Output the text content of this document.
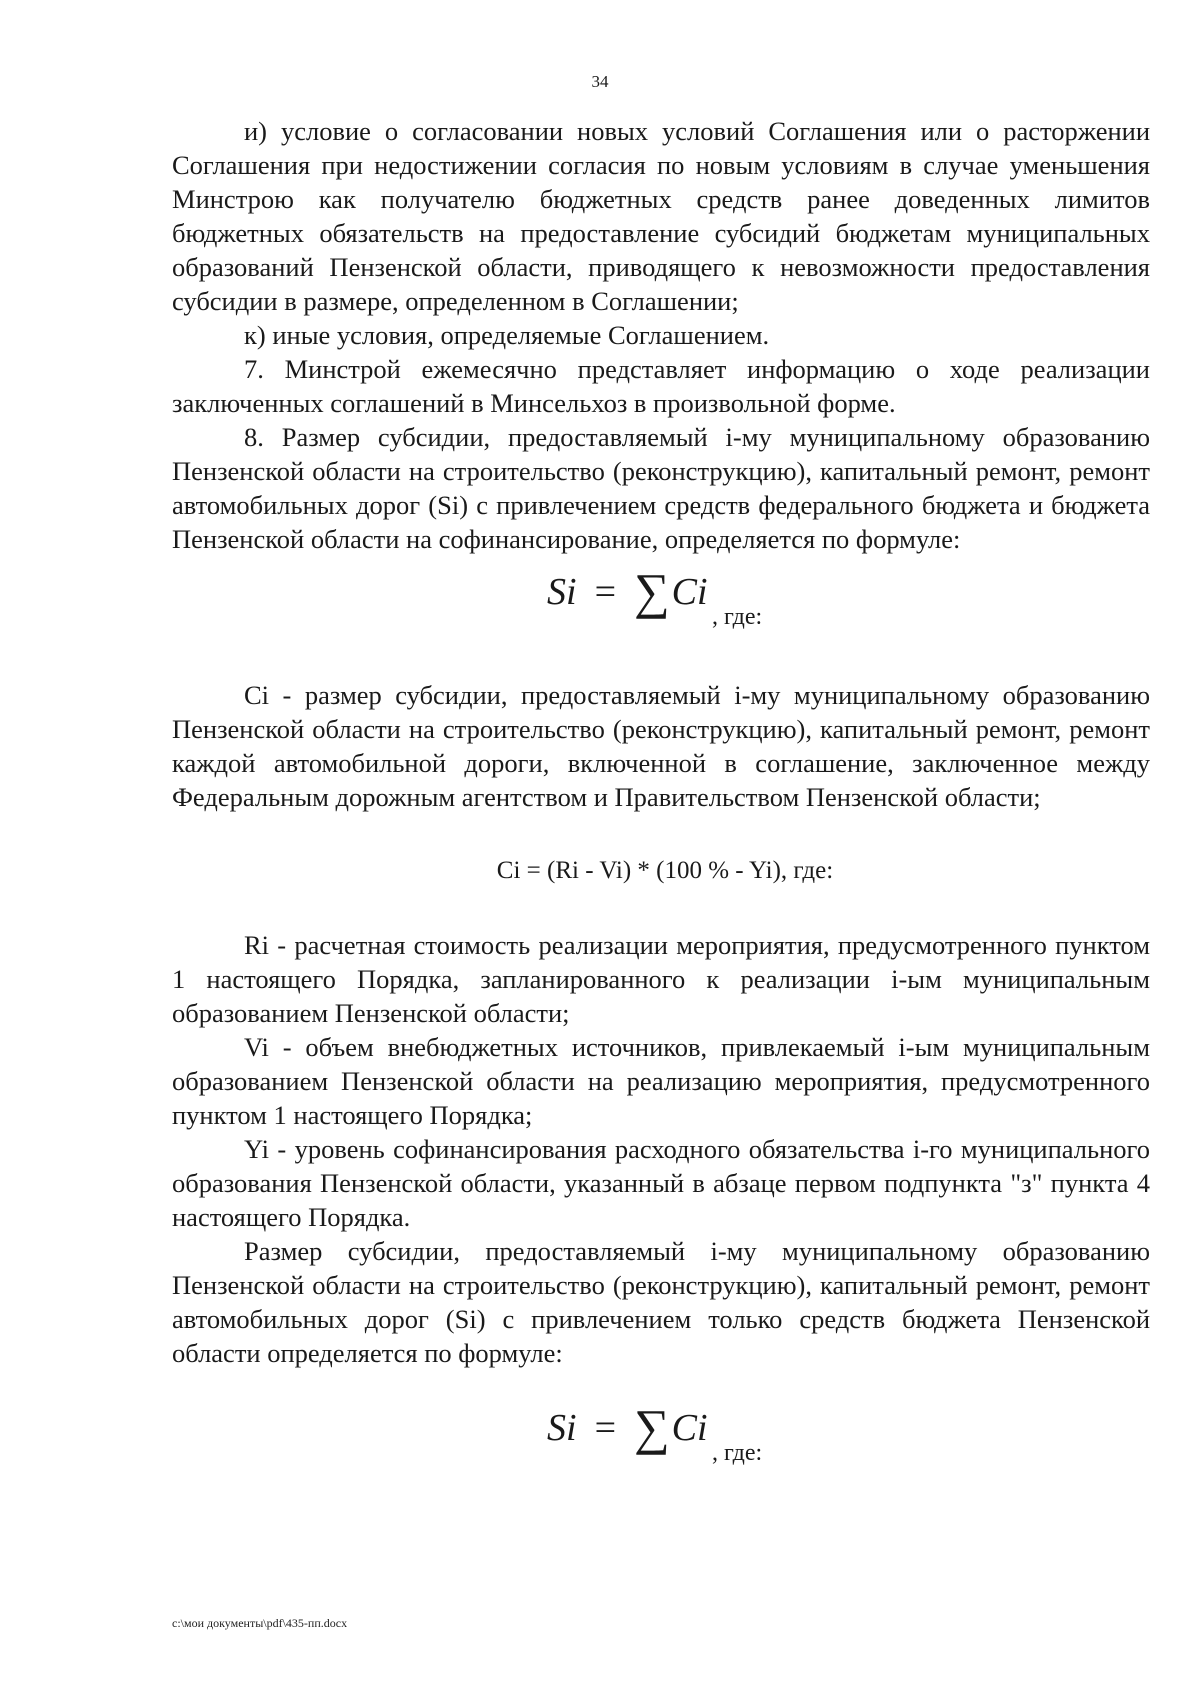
34

и) условие о согласовании новых условий Соглашения или о расторжении Соглашения при недостижении согласия по новым условиям в случае уменьшения Минстрою как получателю бюджетных средств ранее доведенных лимитов бюджетных обязательств на предоставление субсидий бюджетам муниципальных образований Пензенской области, приводящего к невозможности предоставления субсидии в размере, определенном в Соглашении;

к) иные условия, определяемые Соглашением.

7. Минстрой ежемесячно представляет информацию о ходе реализации заключенных соглашений в Минсельхоз в произвольной форме.

8. Размер субсидии, предоставляемый i-му муниципальному образованию Пензенской области на строительство (реконструкцию), капитальный ремонт, ремонт автомобильных дорог (Si) с привлечением средств федерального бюджета и бюджета Пензенской области на софинансирование, определяется по формуле:

Si = ∑Ci
, где:

Ci - размер субсидии, предоставляемый i-му муниципальному образованию Пензенской области на строительство (реконструкцию), капитальный ремонт, ремонт каждой автомобильной дороги, включенной в соглашение, заключенное между Федеральным дорожным агентством и Правительством Пензенской области;

Ci = (Ri - Vi) * (100 % - Yi), где:

Ri - расчетная стоимость реализации мероприятия, предусмотренного пунктом 1 настоящего Порядка, запланированного к реализации i-ым муниципальным образованием Пензенской области;

Vi - объем внебюджетных источников, привлекаемый i-ым муниципальным образованием Пензенской области на реализацию мероприятия, предусмотренного пунктом 1 настоящего Порядка;

Yi - уровень софинансирования расходного обязательства i-го муниципального образования Пензенской области, указанный в абзаце первом подпункта "з" пункта 4 настоящего Порядка.

Размер субсидии, предоставляемый i-му муниципальному образованию Пензенской области на строительство (реконструкцию), капитальный ремонт, ремонт автомобильных дорог (Si) с привлечением только средств бюджета Пензенской области определяется по формуле:

Si = ∑Ci
, где:
c:\мои документы\pdf\435-пп.docx
